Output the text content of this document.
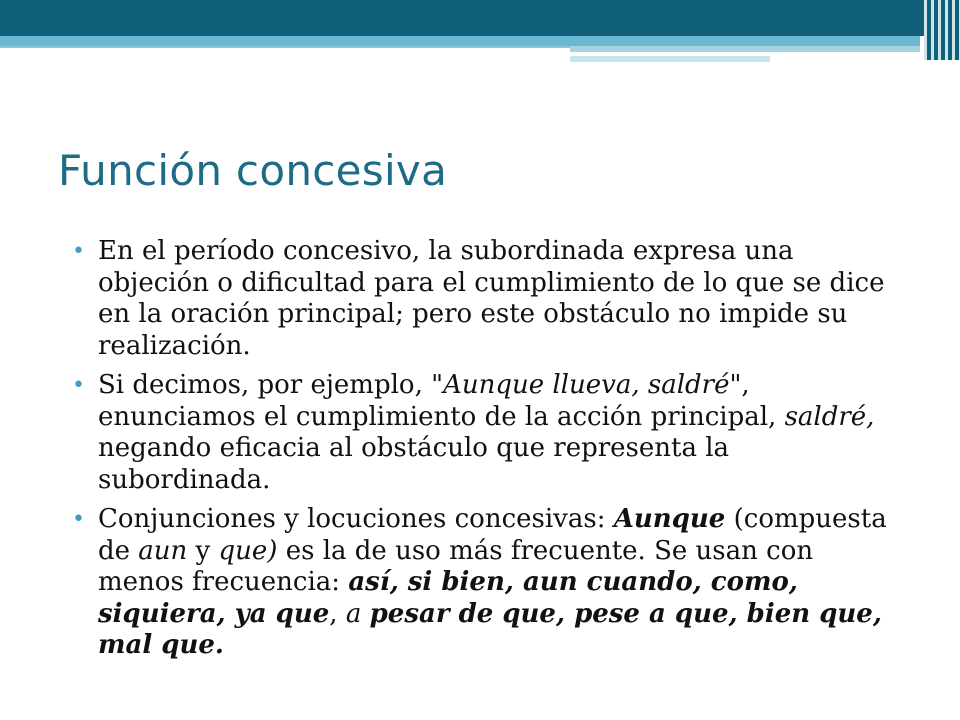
Función concesiva
• En el período concesivo, la subordinada expresa una objeción o dificultad para el cumplimiento de lo que se dice en la oración principal; pero este obstáculo no impide su realización.

• Si decimos, por ejemplo, "Aunque llueva, saldré", enunciamos el cumplimiento de la acción principal, saldré, negando eficacia al obstáculo que representa la subordinada.

• Conjunciones y locuciones concesivas: Aunque (compuesta de aun y que) es la de uso más frecuente. Se usan con menos frecuencia: así, si bien, aun cuando, como, siquiera, ya que, a pesar de que, pese a que, bien que, mal que.
